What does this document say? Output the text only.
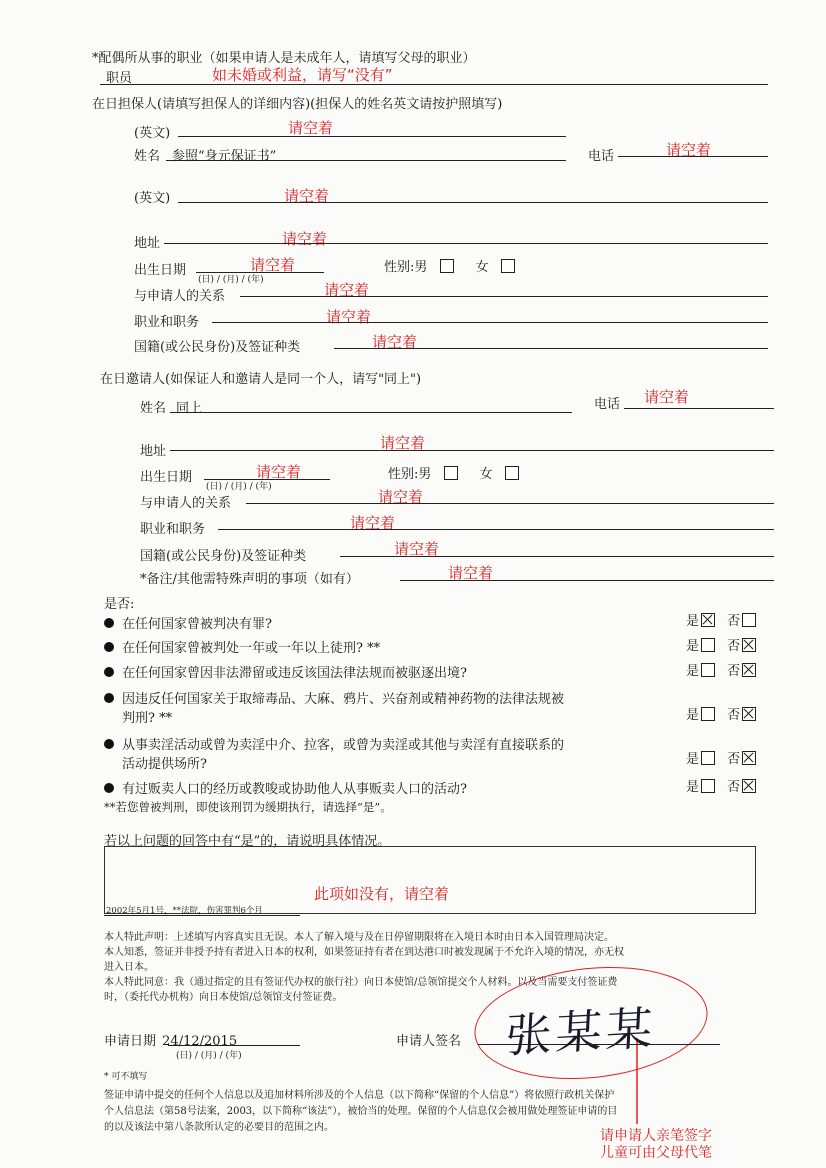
*配偶所从事的职业（如果申请人是未成年人，请填写父母的职业）
职员	如未婚或利益，请写“没有”
在日担保人(请填写担保人的详细内容)(担保人的姓名英文请按护照填写)
(英文)	请空着
姓名 参照“身元保证书”	电话	请空着
(英文)	请空着
地址	请空着
出生日期	请空着
(日) / (月) / (年)
性别:男	女
与申请人的关系	请空着
职业和职务	请空着
国籍(或公民身份)及签证种类	请空着
在日邀请人(如保证人和邀请人是同一个人，请写"同上")
姓名 同上	电话 请空着
地址	请空着
出生日期	请空着
(日) / (月) / (年)
性别:男	女
与申请人的关系	请空着
职业和职务	请空着
国籍(或公民身份)及签证种类	请空着
*备注/其他需特殊声明的事项（如有）	请空着
是否:
在任何国家曾被判决有罪?	是 否
在任何国家曾被判处一年或一年以上徒刑? **	是 否
在任何国家曾因非法滞留或违反该国法律法规而被驱逐出境?	是 否
因违反任何国家关于取缔毒品、大麻、鸦片、兴奋剂或精神药物的法律法规被
判刑? **	是 否
从事卖淫活动或曾为卖淫中介、拉客，或曾为卖淫或其他与卖淫有直接联系的
活动提供场所?	是 否
有过贩卖人口的经历或教唆或协助他人从事贩卖人口的活动?	是 否
**若您曾被判刑，即使该刑罚为缓期执行，请选择“是”。
若以上问题的回答中有“是”的，请说明具体情况。
此项如没有，请空着
2002年5月1号，**法院，伤害罪判6个月
本人特此声明：上述填写内容真实且无误。本人了解入境与及在日停留期限将在入境日本时由日本入国管理局决定。
本人知悉，签证并非授予持有者进入日本的权利，如果签证持有者在到达港口时被发现属于不允许入境的情况，亦无权
进入日本。
本人特此同意：我（通过指定的且有签证代办权的旅行社）向日本使馆/总领馆提交个人材料。以及当需要支付签证费
时，（委托代办机构）向日本使馆/总领馆支付签证费。
申请日期 24/12/2015
(日) / (月) / (年)
申请人签名 张某某
* 可不填写
签证申请中提交的任何个人信息以及追加材料所涉及的个人信息（以下简称“保留的个人信息”）将依照行政机关保护
个人信息法（第58号法案，2003，以下简称“该法”），被恰当的处理。保留的个人信息仅会被用做处理签证申请的目
的以及该法中第八条款所认定的必要目的范围之内。
请申请人亲笔签字
儿童可由父母代笔
